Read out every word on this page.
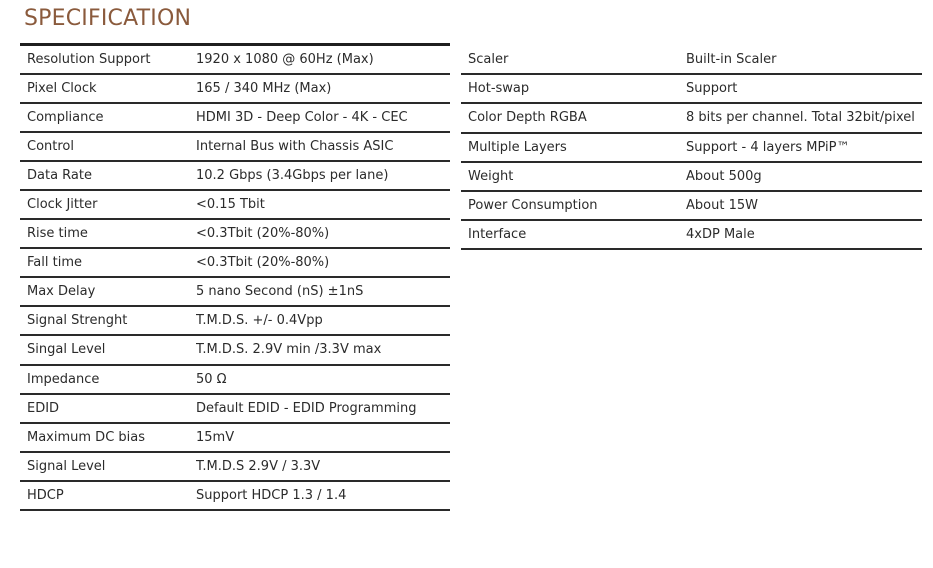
SPECIFICATION
Resolution Support	1920 x 1080 @ 60Hz (Max)
Pixel Clock	165 / 340 MHz (Max)
Compliance	HDMI 3D - Deep Color - 4K - CEC
Control	Internal Bus with Chassis ASIC
Data Rate	10.2 Gbps (3.4Gbps per lane)
Clock Jitter	<0.15 Tbit
Rise time	<0.3Tbit (20%-80%)
Fall time	<0.3Tbit (20%-80%)
Max Delay	5 nano Second (nS) ±1nS
Signal Strenght	T.M.D.S. +/- 0.4Vpp
Singal Level	T.M.D.S. 2.9V min /3.3V max
Impedance	50 Ω
EDID	Default EDID - EDID Programming
Maximum DC bias	15mV
Signal Level	T.M.D.S 2.9V / 3.3V
HDCP	Support HDCP 1.3 / 1.4
Scaler	Built-in Scaler
Hot-swap	Support
Color Depth RGBA	8 bits per channel. Total 32bit/pixel
Multiple Layers	Support - 4 layers MPiP™
Weight	About 500g
Power Consumption	About 15W
Interface	4xDP Male
